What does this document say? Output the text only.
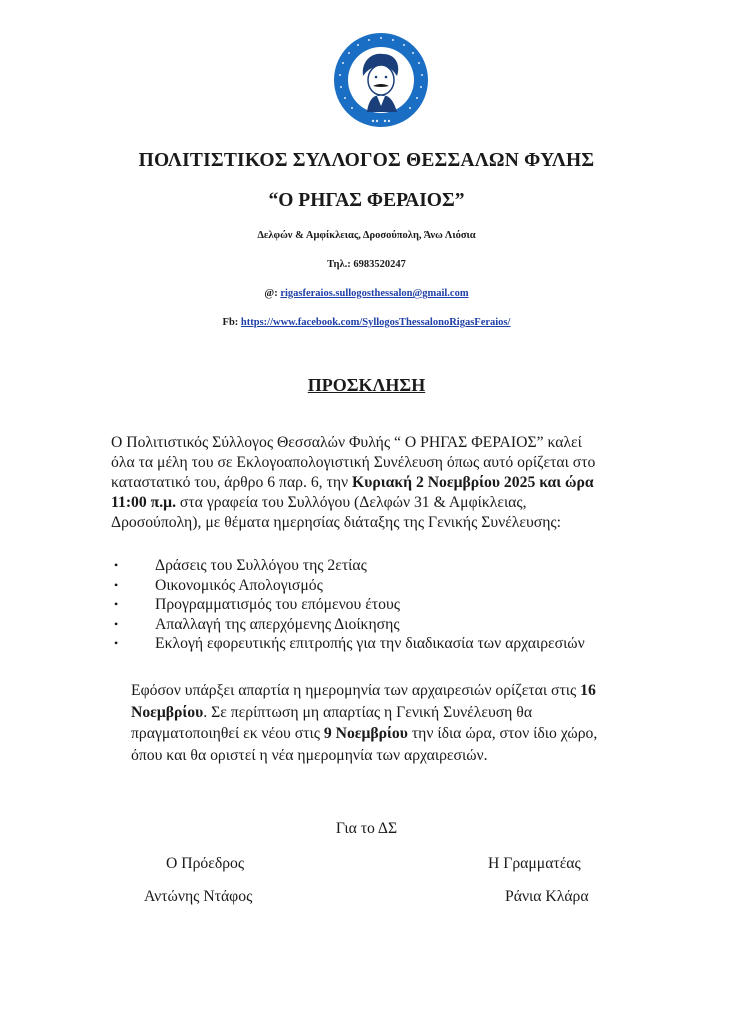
ΠΟΛΙΤΙΣΤΙΚΟΣ ΣΥΛΛΟΓΟΣ ΘΕΣΣΑΛΩΝ ΦΥΛΗΣ
“Ο ΡΗΓΑΣ ΦΕΡΑΙΟΣ”
Δελφών & Αμφίκλειας, Δροσούπολη, Άνω Λιόσια
Τηλ.: 6983520247
@: rigasferaios.sullogosthessalon@gmail.com
Fb: https://www.facebook.com/SyllogosThessalonoRigasFeraios/
ΠΡΟΣΚΛΗΣΗ
Ο Πολιτιστικός Σύλλογος Θεσσαλών Φυλής “ Ο ΡΗΓΑΣ ΦΕΡΑΙΟΣ” καλεί
όλα τα μέλη του σε Εκλογοαπολογιστική Συνέλευση όπως αυτό ορίζεται στο
καταστατικό του, άρθρο 6 παρ. 6, την Κυριακή 2 Νοεμβρίου 2025 και ώρα
11:00 π.μ. στα γραφεία του Συλλόγου (Δελφών 31 & Αμφίκλειας,
Δροσούπολη), με θέματα ημερησίας διάταξης της Γενικής Συνέλευσης:
• Δράσεις του Συλλόγου της 2ετίας
• Οικονομικός Απολογισμός
• Προγραμματισμός του επόμενου έτους
• Απαλλαγή της απερχόμενης Διοίκησης
• Εκλογή εφορευτικής επιτροπής για την διαδικασία των αρχαιρεσιών
Εφόσον υπάρξει απαρτία η ημερομηνία των αρχαιρεσιών ορίζεται στις 16
Νοεμβρίου. Σε περίπτωση μη απαρτίας η Γενική Συνέλευση θα
πραγματοποιηθεί εκ νέου στις 9 Νοεμβρίου την ίδια ώρα, στον ίδιο χώρο,
όπου και θα οριστεί η νέα ημερομηνία των αρχαιρεσιών.
Για το ΔΣ
Ο Πρόεδρος	Η Γραμματέας
Αντώνης Ντάφος	Ράνια Κλάρα
